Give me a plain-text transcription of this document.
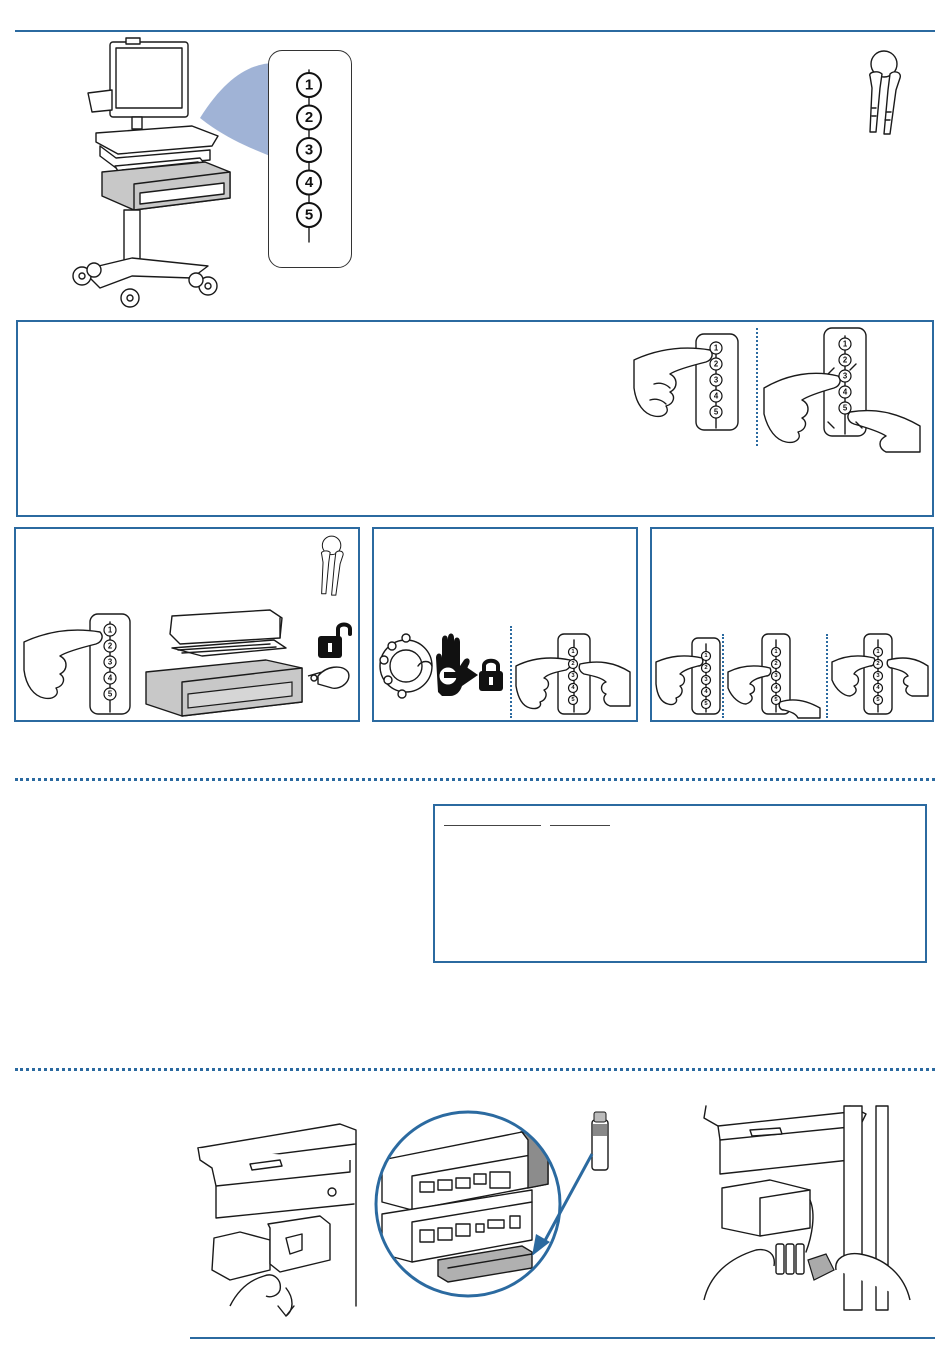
1
2
3
4
5
1
2
3
4
5
1
2
3
4
5
1
2
3
4
5
1
2
3
4
5
1
2
3
4
5
1
2
3
4
5
1
2
3
4
5
